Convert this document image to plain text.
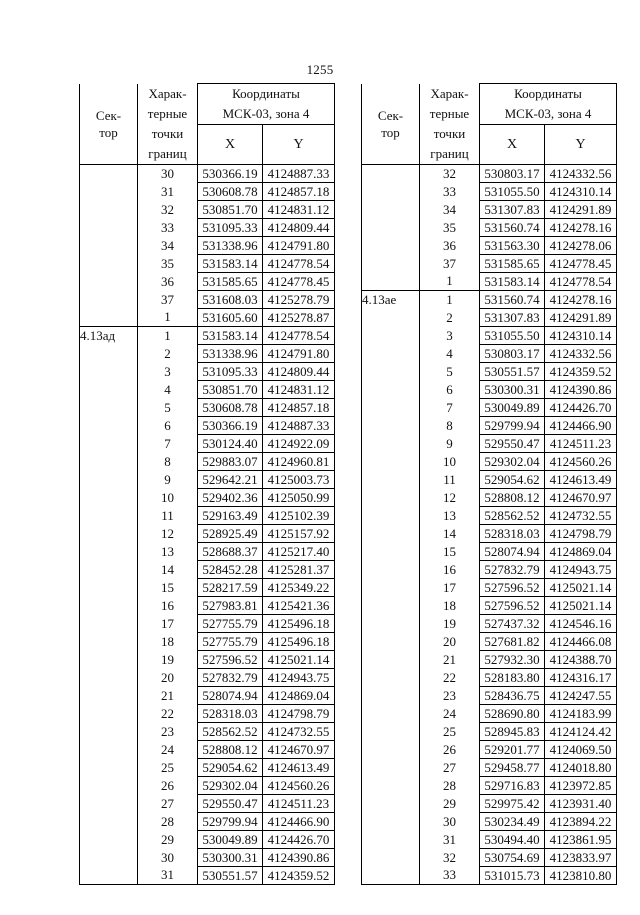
1255
Сек-
тор	Харак-
терные
точки
границ	Координаты
МСК-03, зона 4	
		X	Y
	30	530366.19	4124887.33
	31	530608.78	4124857.18
	32	530851.70	4124831.12
	33	531095.33	4124809.44
	34	531338.96	4124791.80
	35	531583.14	4124778.54
	36	531585.65	4124778.45
	37	531608.03	4125278.79
	1	531605.60	4125278.87
4.13ад	1	531583.14	4124778.54
	2	531338.96	4124791.80
	3	531095.33	4124809.44
	4	530851.70	4124831.12
	5	530608.78	4124857.18
	6	530366.19	4124887.33
	7	530124.40	4124922.09
	8	529883.07	4124960.81
	9	529642.21	4125003.73
	10	529402.36	4125050.99
	11	529163.49	4125102.39
	12	528925.49	4125157.92
	13	528688.37	4125217.40
	14	528452.28	4125281.37
	15	528217.59	4125349.22
	16	527983.81	4125421.36
	17	527755.79	4125496.18
	18	527755.79	4125496.18
	19	527596.52	4125021.14
	20	527832.79	4124943.75
	21	528074.94	4124869.04
	22	528318.03	4124798.79
	23	528562.52	4124732.55
	24	528808.12	4124670.97
	25	529054.62	4124613.49
	26	529302.04	4124560.26
	27	529550.47	4124511.23
	28	529799.94	4124466.90
	29	530049.89	4124426.70
	30	530300.31	4124390.86
	31	530551.57	4124359.52
Сек-
тор	Харак-
терные
точки
границ	Координаты
МСК-03, зона 4	
		X	Y
	32	530803.17	4124332.56
	33	531055.50	4124310.14
	34	531307.83	4124291.89
	35	531560.74	4124278.16
	36	531563.30	4124278.06
	37	531585.65	4124778.45
	1	531583.14	4124778.54
4.13ае	1	531560.74	4124278.16
	2	531307.83	4124291.89
	3	531055.50	4124310.14
	4	530803.17	4124332.56
	5	530551.57	4124359.52
	6	530300.31	4124390.86
	7	530049.89	4124426.70
	8	529799.94	4124466.90
	9	529550.47	4124511.23
	10	529302.04	4124560.26
	11	529054.62	4124613.49
	12	528808.12	4124670.97
	13	528562.52	4124732.55
	14	528318.03	4124798.79
	15	528074.94	4124869.04
	16	527832.79	4124943.75
	17	527596.52	4125021.14
	18	527596.52	4125021.14
	19	527437.32	4124546.16
	20	527681.82	4124466.08
	21	527932.30	4124388.70
	22	528183.80	4124316.17
	23	528436.75	4124247.55
	24	528690.80	4124183.99
	25	528945.83	4124124.42
	26	529201.77	4124069.50
	27	529458.77	4124018.80
	28	529716.83	4123972.85
	29	529975.42	4123931.40
	30	530234.49	4123894.22
	31	530494.40	4123861.95
	32	530754.69	4123833.97
	33	531015.73	4123810.80
